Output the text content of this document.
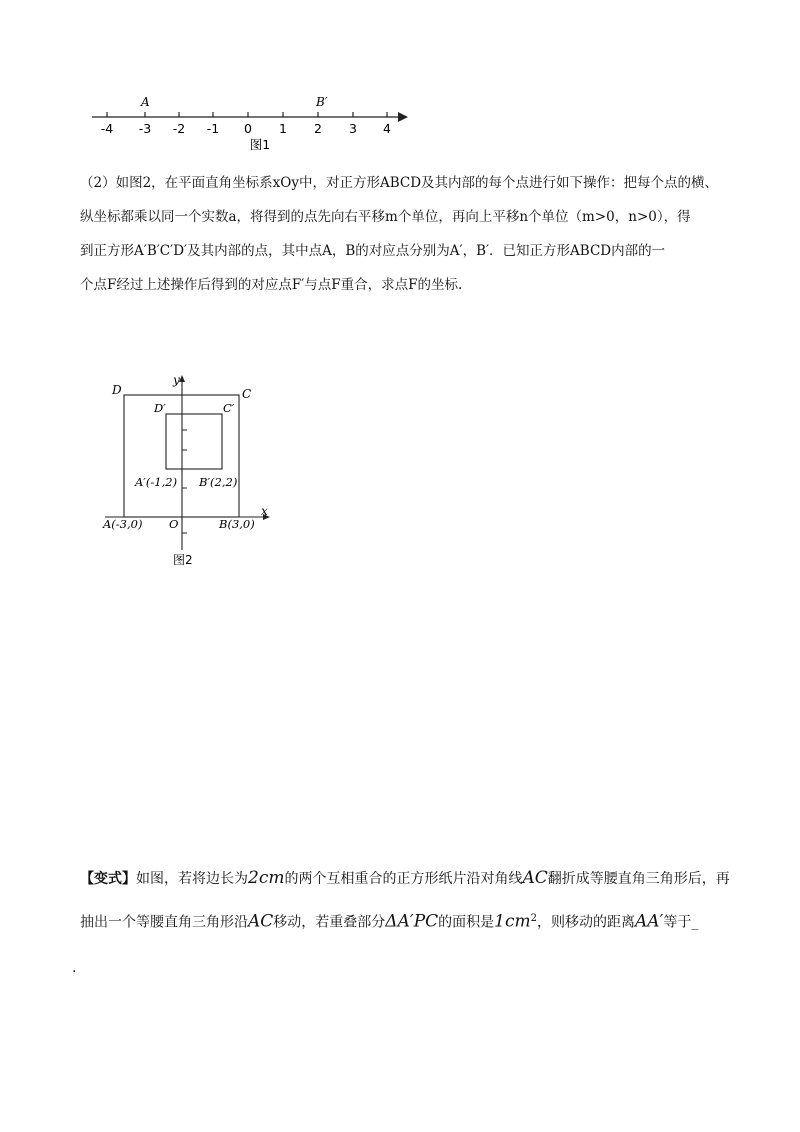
A	B′
-4 -3 -2 -1 0 1 2 3 4
图1
（2）如图2，在平面直角坐标系xOy中，对正方形ABCD及其内部的每个点进行如下操作：把每个点的横、
纵坐标都乘以同一个实数a，将得到的点先向右平移m个单位，再向上平移n个单位（m>0，n>0），得
到正方形A′B′C′D′及其内部的点，其中点A，B的对应点分别为A′，B′．已知正方形ABCD内部的一
个点F经过上述操作后得到的对应点F′与点F重合，求点F的坐标.
y
x
D	C
D′	C′
A′(-1,2) B′(2,2)
A(-3,0) O	B(3,0)
图2
【变式】如图，若将边长为2cm的两个互相重合的正方形纸片沿对角线AC翻折成等腰直角三角形后，再
抽出一个等腰直角三角形沿AC移动，若重叠部分ΔA′PC的面积是$1cm^2$，则移动的距离AA′等于_
.
